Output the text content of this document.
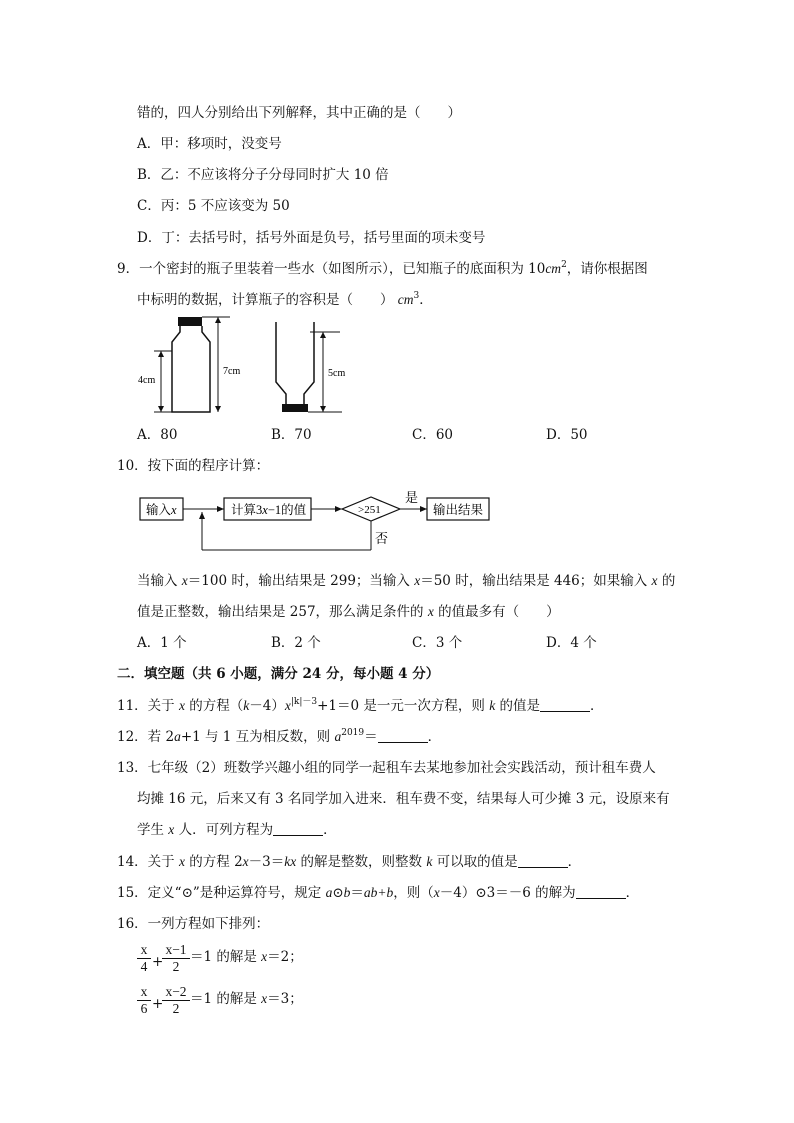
错的，四人分别给出下列解释，其中正确的是（　　）
A．甲：移项时，没变号
B．乙：不应该将分子分母同时扩大 10 倍
C．丙：5 不应该变为 50
D．丁：去括号时，括号外面是负号，括号里面的项未变号
9．一个密封的瓶子里装着一些水（如图所示），已知瓶子的底面积为 $10cm^2$，请你根据图
中标明的数据，计算瓶子的容积是（　　） $cm^3$．
4cm
7cm	5cm
A．80	B．70	C．60	D．50
10．按下面的程序计算：
输入x	计算3x−1的值	>251
是
输出结果
否
当输入 x＝100 时，输出结果是 299；当输入 x＝50 时，输出结果是 446；如果输入 x 的
值是正整数，输出结果是 257，那么满足条件的 x 的值最多有（　　）
A．1 个	B．2 个	C．3 个	D．4 个
二．填空题（共 6 小题，满分 24 分，每小题 4 分）
11．关于 x 的方程$(k-4)x^{|k|-3}+1=0$ 是一元一次方程，则 k 的值是	．
12．若 2a+1 与 1 互为相反数，则 $a^{2019}=$	．
13．七年级（2）班数学兴趣小组的同学一起租车去某地参加社会实践活动，预计租车费人
均摊 16 元，后来又有 3 名同学加入进来．租车费不变，结果每人可少摊 3 元，设原来有
学生 x 人．可列方程为	．
14．关于 x 的方程 2x－3＝kx 的解是整数，则整数 k 可以取的值是	．
15．定义“⊙”是种运算符号，规定 a⊙b＝ab+b，则（x－4）⊙3＝－6 的解为	．
16．一列方程如下排列：
$\frac{x}{4}$ +
$\frac{x-1}{2} =1$ 的解是 x＝2；
$\frac{x}{6}$ +
$\frac{x-2}{2} =1$ 的解是 x＝3；
